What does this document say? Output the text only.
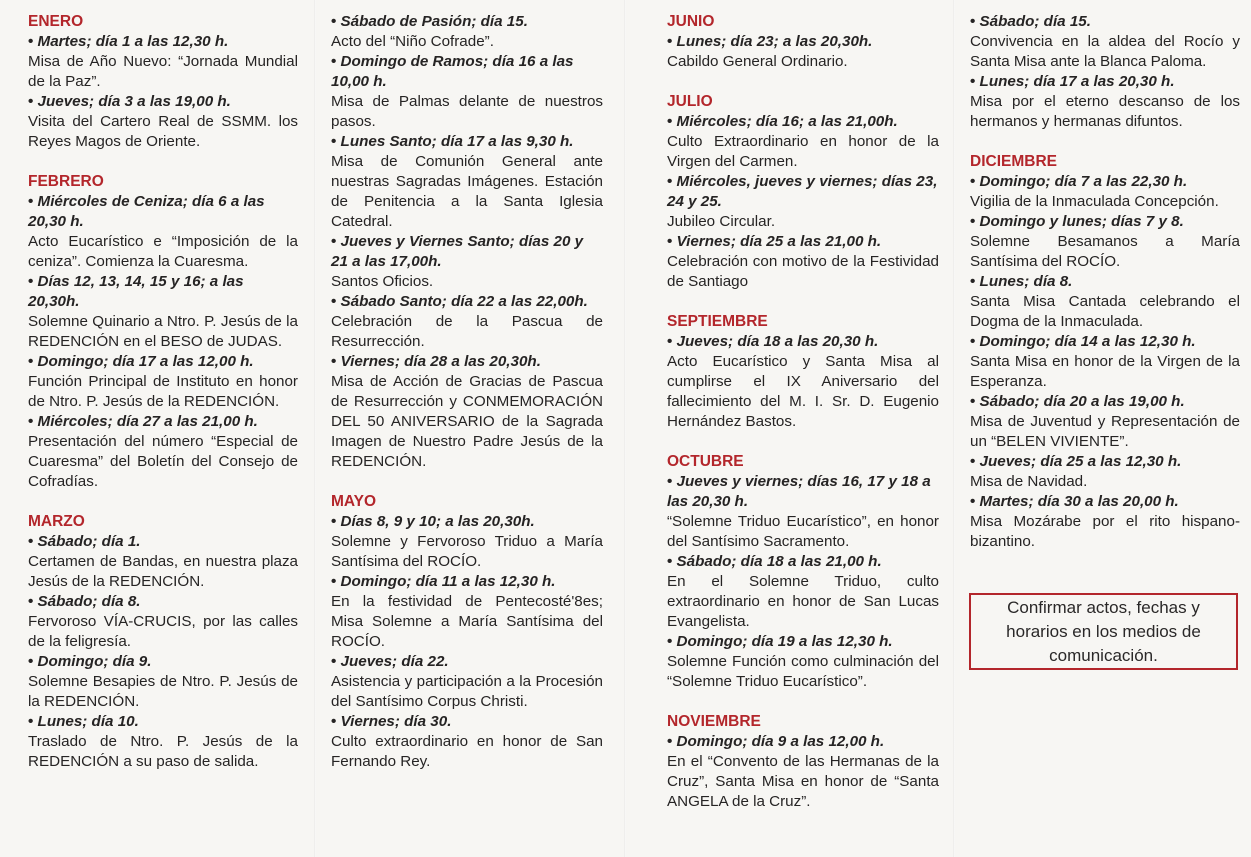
ENERO
• Martes; día 1 a las 12,30 h.
Misa de Año Nuevo: “Jornada Mundial de la Paz”.
• Jueves; día 3 a las 19,00 h.
Visita del Cartero Real de SSMM. los Reyes Magos de Oriente.
FEBRERO
• Miércoles de Ceniza; día 6 a las 20,30 h.
Acto Eucarístico e “Imposición de la ceniza”. Comienza la Cuaresma.
• Días 12, 13, 14, 15 y 16; a las 20,30h.
Solemne Quinario a Ntro. P. Jesús de la REDENCIÓN en el BESO de JUDAS.
• Domingo; día 17 a las 12,00 h.
Función Principal de Instituto en honor de Ntro. P. Jesús de la REDENCIÓN.
• Miércoles; día 27 a las 21,00 h.
Presentación del número “Especial de Cuaresma” del Boletín del Consejo de Cofradías.
MARZO
• Sábado; día 1.
Certamen de Bandas, en nuestra plaza Jesús de la REDENCIÓN.
• Sábado; día 8.
Fervoroso VÍA-CRUCIS, por las calles de la feligresía.
• Domingo; día 9.
Solemne Besapies de Ntro. P. Jesús de la REDENCIÓN.
• Lunes; día 10.
Traslado de Ntro. P. Jesús de la REDENCIÓN a su paso de salida.
• Sábado de Pasión; día 15.
Acto del “Niño Cofrade”.
• Domingo de Ramos; día 16 a las 10,00 h.
Misa de Palmas delante de nuestros pasos.
• Lunes Santo; día 17 a las 9,30 h.
Misa de Comunión General ante nuestras Sagradas Imágenes. Estación de Penitencia a la Santa Iglesia Catedral.
• Jueves y Viernes Santo; días 20 y 21 a las 17,00h.
Santos Oficios.
• Sábado Santo; día 22 a las 22,00h.
Celebración de la Pascua de Resurrección.
• Viernes; día 28 a las 20,30h.
Misa de Acción de Gracias de Pascua de Resurrección y CONMEMORACIÓN DEL 50 ANIVERSARIO de la Sagrada Imagen de Nuestro Padre Jesús de la REDENCIÓN.
MAYO
• Días 8, 9 y 10; a las 20,30h.
Solemne y Fervoroso Triduo a María Santísima del ROCÍO.
• Domingo; día 11 a las 12,30 h.
En la festividad de Pentecosté'8es; Misa Solemne a María Santísima del ROCÍO.
• Jueves; día 22.
Asistencia y participación a la Procesión del Santísimo Corpus Christi.
• Viernes; día 30.
Culto extraordinario en honor de San Fernando Rey.
JUNIO
• Lunes; día 23; a las 20,30h.
Cabildo General Ordinario.
JULIO
• Miércoles; día 16; a las 21,00h.
Culto Extraordinario en honor de la Virgen del Carmen.
• Miércoles, jueves y viernes; días 23, 24 y 25.
Jubileo Circular.
• Viernes; día 25 a las 21,00 h.
Celebración con motivo de la Festividad de Santiago
SEPTIEMBRE
• Jueves; día 18 a las 20,30 h.
Acto Eucarístico y Santa Misa al cumplirse el IX Aniversario del fallecimiento del M. I. Sr. D. Eugenio Hernández Bastos.
OCTUBRE
• Jueves y viernes; días 16, 17 y 18 a las 20,30 h.
“Solemne Triduo Eucarístico”, en honor del Santísimo Sacramento.
• Sábado; día 18 a las 21,00 h.
En el Solemne Triduo, culto extraordinario en honor de San Lucas Evangelista.
• Domingo; día 19 a las 12,30 h.
Solemne Función como culminación del “Solemne Triduo Eucarístico”.
NOVIEMBRE
• Domingo; día 9 a las 12,00 h.
En el “Convento de las Hermanas de la Cruz”, Santa Misa en honor de “Santa ANGELA de la Cruz”.
• Sábado; día 15.
Convivencia en la aldea del Rocío y Santa Misa ante la Blanca Paloma.
• Lunes; día 17 a las 20,30 h.
Misa por el eterno descanso de los hermanos y hermanas difuntos.
DICIEMBRE
• Domingo; día 7 a las 22,30 h.
Vigilia de la Inmaculada Concepción.
• Domingo y lunes; días 7 y 8.
Solemne Besamanos a María Santísima del ROCÍO.
• Lunes; día 8.
Santa Misa Cantada celebrando el Dogma de la Inmaculada.
• Domingo; día 14 a las 12,30 h.
Santa Misa en honor de la Virgen de la Esperanza.
• Sábado; día 20 a las 19,00 h.
Misa de Juventud y Representación de un “BELEN VIVIENTE”.
• Jueves; día 25 a las 12,30 h.
Misa de Navidad.
• Martes; día 30 a las 20,00 h.
Misa Mozárabe por el rito hispano-bizantino.
Confirmar actos, fechas y horarios en los medios de comunicación.
